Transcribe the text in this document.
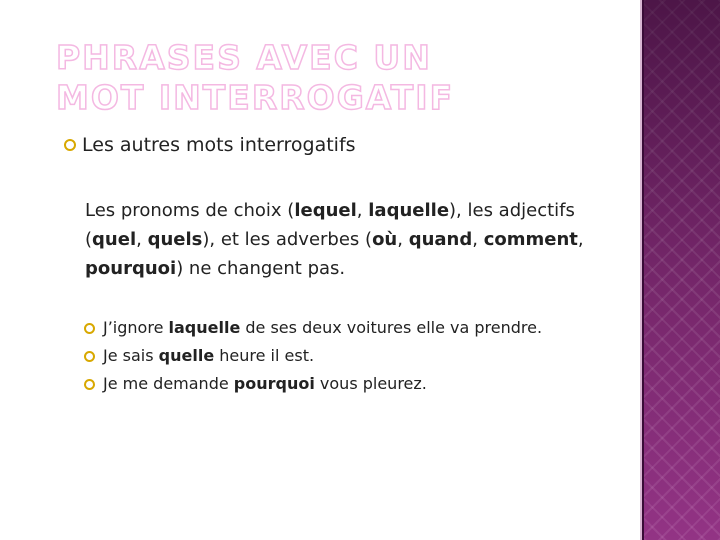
PHRASES AVEC UN MOT INTERROGATIF
Les autres mots interrogatifs

Les pronoms de choix (lequel, laquelle), les adjectifs (quel, quels), et les adverbes (où, quand, comment, pourquoi) ne changent pas.

J’ignore laquelle de ses deux voitures elle va prendre.
Je sais quelle heure il est.
Je me demande pourquoi vous pleurez.
